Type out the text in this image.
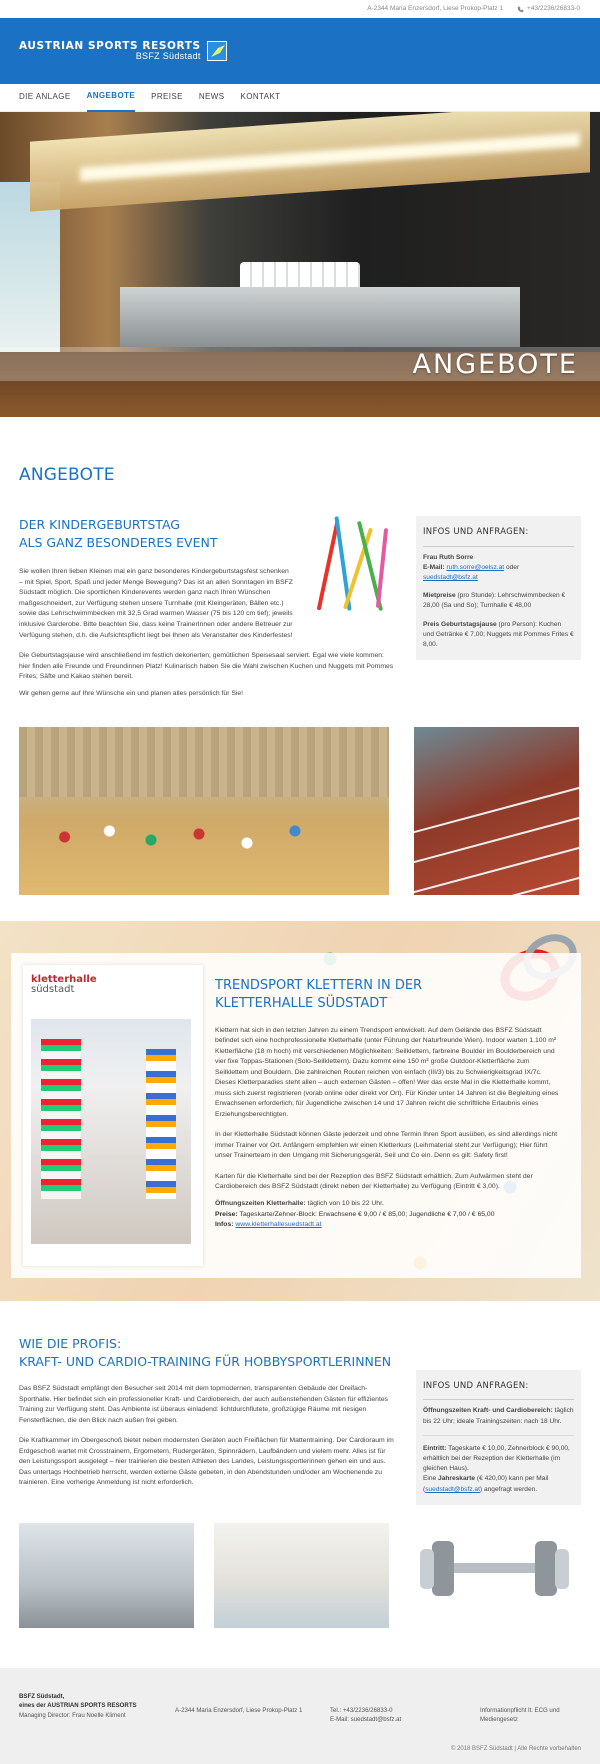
A-2344 Maria Enzersdorf, Liese Prokop-Platz 1	+43/2236/26833-0
AUSTRIAN SPORTS RESORTS
BSFZ Südstadt
DIE ANLAGE ANGEBOTE PREISE NEWS KONTAKT
ANGEBOTE
ANGEBOTE
DER KINDERGEBURTSTAG
ALS GANZ BESONDERES EVENT

Sie wollen Ihren lieben Kleinen mal ein ganz besonderes Kindergeburtstagsfest schenken – mit Spiel, Sport, Spaß und jeder Menge Bewegung? Das ist an allen Sonntagen im BSFZ Südstadt möglich. Die sportlichen Kinderevents werden ganz nach Ihren Wünschen maßgeschneidert, zur Verfügung stehen unsere Turnhalle (mit Kleingeräten, Bällen etc.) sowie das Lehrschwimmbecken mit 32,5 Grad warmen Wasser (75 bis 120 cm tief); jeweils inklusive Garderobe. Bitte beachten Sie, dass keine TrainerInnen oder andere Betreuer zur Verfügung stehen, d.h. die Aufsichtspflicht liegt bei Ihnen als Veranstalter des Kinderfestes!

Die Geburtstagsjause wird anschließend im festlich dekorierten, gemütlichen Speisesaal serviert. Egal wie viele kommen: hier finden alle Freunde und Freundinnen Platz! Kulinarisch haben Sie die Wahl zwischen Kuchen und Nuggets mit Pommes Frites; Säfte und Kakao stehen bereit.

Wir gehen gerne auf Ihre Wünsche ein und planen alles persönlich für Sie!

INFOS UND ANFRAGEN:
Frau Ruth Sorre
E-Mail: ruth.sorre@oelsz.at oder suedstadt@bsfz.at
Mietpreise (pro Stunde): Lehrschwimmbecken € 28,00 (Sa und So); Turnhalle € 48,00
Preis Geburtstagsjause (pro Person): Kuchen und Getränke € 7,00; Nuggets mit Pommes Frites € 8,00.
kletterhalle
südstadt	TRENDSPORT KLETTERN IN DER
KLETTERHALLE SÜDSTADT

Klettern hat sich in den letzten Jahren zu einem Trendsport entwickelt. Auf dem Gelände des BSFZ Südstadt befindet sich eine hochprofessionelle Kletterhalle (unter Führung der Naturfreunde Wien). Indoor warten 1.100 m² Kletterfläche (18 m hoch) mit verschiedenen Möglichkeiten: Seilklettern, farbreine Boulder im Boulderbereich und vier fixe Toppas-Stationen (Solo-Seilklettern). Dazu kommt eine 150 m² große Outdoor-Kletterfläche zum Seilklettern und Bouldern. Die zahlreichen Routen reichen von einfach (III/3) bis zu Schwierigkeitsgrad IX/7c. Dieses Kletterparadies steht allen – auch externen Gästen – offen! Wer das erste Mal in die Kletterhalle kommt, muss sich zuerst registrieren (vorab online oder direkt vor Ort). Für Kinder unter 14 Jahren ist die Begleitung eines Erwachsenen erforderlich, für Jugendliche zwischen 14 und 17 Jahren reicht die schriftliche Erlaubnis eines Erziehungsberechtigten.

In der Kletterhalle Südstadt können Gäste jederzeit und ohne Termin Ihren Sport ausüben, es sind allerdings nicht immer Trainer vor Ort. Anfängern empfehlen wir einen Kletterkurs (Leihmaterial steht zur Verfügung); Hier führt unser Trainerteam in den Umgang mit Sicherungsgerät, Seil und Co ein. Denn es gilt: Safety first!

Karten für die Kletterhalle sind bei der Rezeption des BSFZ Südstadt erhältlich. Zum Aufwärmen steht der Cardiobereich des BSFZ Südstadt (direkt neben der Kletterhalle) zu Verfügung (Eintritt € 3,00).

Öffnungszeiten Kletterhalle: täglich von 10 bis 22 Uhr.
Preise: Tageskarte/Zehner-Block: Erwachsene € 9,00 / € 85,00; Jugendliche € 7,00 / € 65,00
Infos: www.kletterhallesuedstadt.at
WIE DIE PROFIS:
KRAFT- UND CARDIO-TRAINING FÜR HOBBYSPORTLERINNEN

Das BSFZ Südstadt empfängt den Besucher seit 2014 mit dem topmodernen, transparenten Gebäude der Dreifach-Sporthalle. Hier befindet sich ein professioneller Kraft- und Cardiobereich, der auch außenstehenden Gästen für effizientes Training zur Verfügung steht. Das Ambiente ist überaus einladend: lichtdurchflutete, großzügige Räume mit riesigen Fensterflächen, die den Blick nach außen frei geben.

Die Kraftkammer im Obergeschoß bietet neben modernsten Geräten auch Freiflächen für Mattentraining. Der Cardioraum im Erdgeschoß wartet mit Crosstrainern, Ergometern, Rudergeräten, Spinnrädern, Laufbändern und vielem mehr. Alles ist für den Leistungssport ausgelegt – hier trainieren die besten Athleten des Landes, Leistungssportlerinnen gehen ein und aus. Das untertags Hochbetrieb herrscht, werden externe Gäste gebeten, in den Abendstunden und/oder am Wochenende zu trainieren. Eine vorherige Anmeldung ist nicht erforderlich.

INFOS UND ANFRAGEN:
Öffnungszeiten Kraft- und Cardiobereich: täglich bis 22 Uhr; ideale Trainingszeiten: nach 18 Uhr.
Eintritt: Tageskarte € 10,00, Zehnerblock € 90,00, erhältlich bei der Rezeption der Kletterhalle (im gleichen Haus).
Eine Jahreskarte (€ 420,00) kann per Mail (suedstadt@bsfz.at) angefragt werden.
BSFZ Südstadt,
eines der AUSTRIAN SPORTS RESORTS
Managing Director: Frau Noelle Kliment
A-2344 Maria Enzersdorf, Liese Prokop-Platz 1	Tel.: +43/2236/26833-0
E-Mail: suedstadt@bsfz.at
Informationpflicht lt. ECG und Mediengesetz
© 2018 BSFZ Südstadt | Alle Rechte vorbehalten
